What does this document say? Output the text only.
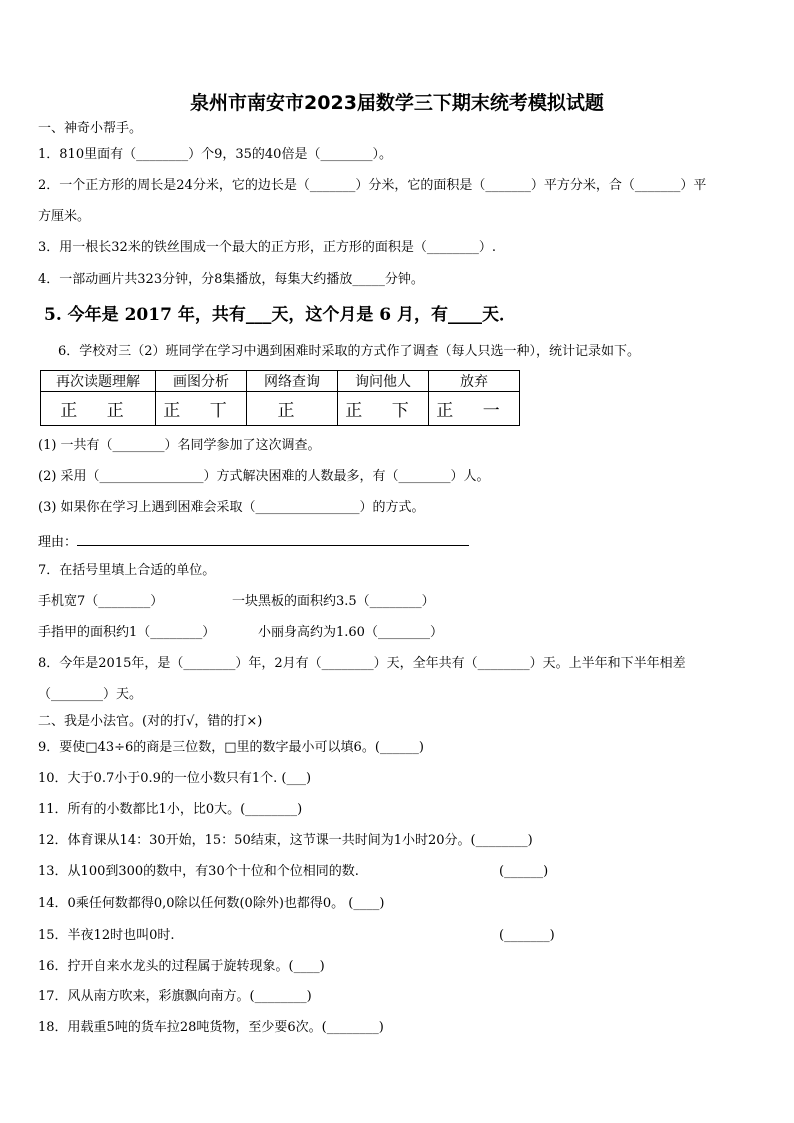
泉州市南安市2023届数学三下期末统考模拟试题
一、神奇小帮手。
1．810里面有（________）个9，35的40倍是（________）。
2．一个正方形的周长是24分米，它的边长是（_______）分米，它的面积是（_______）平方分米，合（_______）平
方厘米。
3．用一根长32米的铁丝围成一个最大的正方形，正方形的面积是（________）.
4．一部动画片共323分钟，分8集播放，每集大约播放_____分钟。
5. 今年是 2017 年，共有___天，这个月是 6 月，有____天．
6．学校对三（2）班同学在学习中遇到困难时采取的方式作了调查（每人只选一种），统计记录如下。
再次读题理解	画图分析	网络查询	询问他人	放弃
正 正	正 丅	正	正 下	正 一
(1) 一共有（________）名同学参加了这次调查。
(2) 采用（________________）方式解决困难的人数最多，有（________）人。
(3) 如果你在学习上遇到困难会采取（________________）的方式。
理由：
7．在括号里填上合适的单位。
手机宽7（________）	一块黑板的面积约3.5（________）
手指甲的面积约1（________）	小丽身高约为1.60（________）
8．今年是2015年，是（________）年，2月有（________）天，全年共有（________）天。上半年和下半年相差
（________）天。
二、我是小法官。(对的打√，错的打×)
9．要使□43÷6的商是三位数，□里的数字最小可以填6。(______)
10．大于0.7小于0.9的一位小数只有1个. (___)
11．所有的小数都比1小，比0大。(________)
12．体育课从14：30开始，15：50结束，这节课一共时间为1小时20分。(________)
13．从100到300的数中，有30个十位和个位相同的数.	(______)
14．0乘任何数都得0,0除以任何数(0除外)也都得0。 (____)
15．半夜12时也叫0时.	(_______)
16．拧开自来水龙头的过程属于旋转现象。(____)
17．风从南方吹来，彩旗飘向南方。(________)
18．用载重5吨的货车拉28吨货物，至少要6次。(________)
